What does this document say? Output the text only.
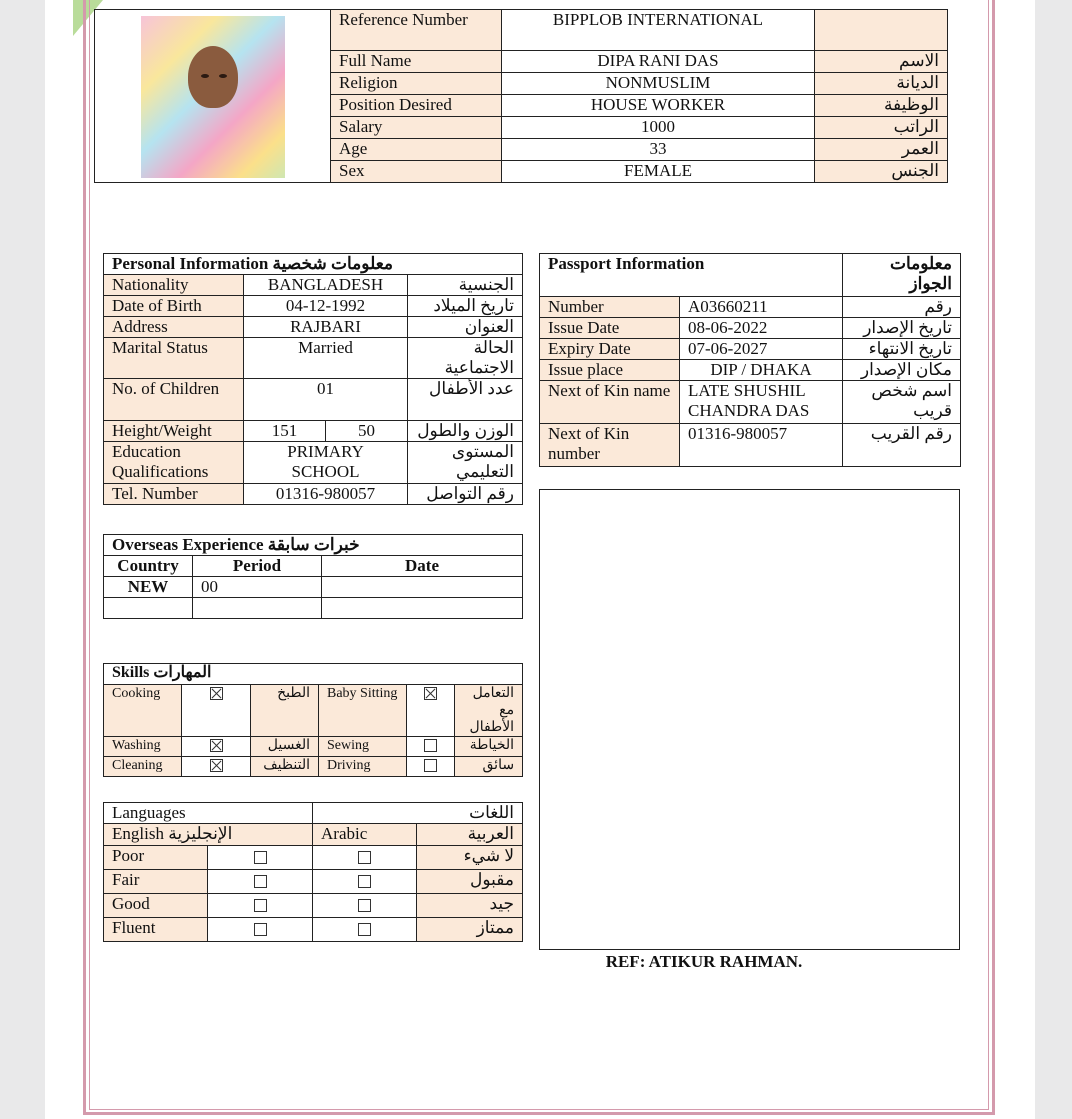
	Reference Number	BIPPLOB INTERNATIONAL	
	Full Name	DIPA RANI DAS	الاسم
	Religion	NONMUSLIM	الديانة
	Position Desired	HOUSE WORKER	الوظيفة
	Salary	1000	الراتب
	Age	33	العمر
	Sex	FEMALE	الجنس
Personal Information معلومات شخصية			
Nationality	BANGLADESH		الجنسية
Date of Birth	04-12-1992		تاريخ الميلاد
Address	RAJBARI		العنوان
Marital Status	Married		الحالة الاجتماعية
No. of Children	01		عدد الأطفال
Height/Weight	151	50	الوزن والطول
Education Qualifications	PRIMARY SCHOOL		المستوى التعليمي
Tel. Number	01316-980057		رقم التواصل
Passport Information		معلومات الجواز
Number	A03660211	رقم
Issue Date	08-06-2022	تاريخ الإصدار
Expiry Date	07-06-2027	تاريخ الانتهاء
Issue place	DIP / DHAKA	مكان الإصدار
Next of Kin name	LATE SHUSHIL CHANDRA DAS	اسم شخص قريب
Next of Kin number	01316-980057	رقم القريب
Overseas Experience خبرات سابقة		
Country	Period	Date
NEW	00	

Skills المهارات					
Cooking		الطبخ	Baby Sitting		التعامل مع الأطفال
Washing		الغسيل	Sewing		الخياطة
Cleaning		التنظيف	Driving		سائق
Languages		اللغات	
English الإنجليزية		Arabic	العربية
Poor			لا شيء
Fair			مقبول
Good			جيد
Fluent			ممتاز
REF: ATIKUR RAHMAN.
